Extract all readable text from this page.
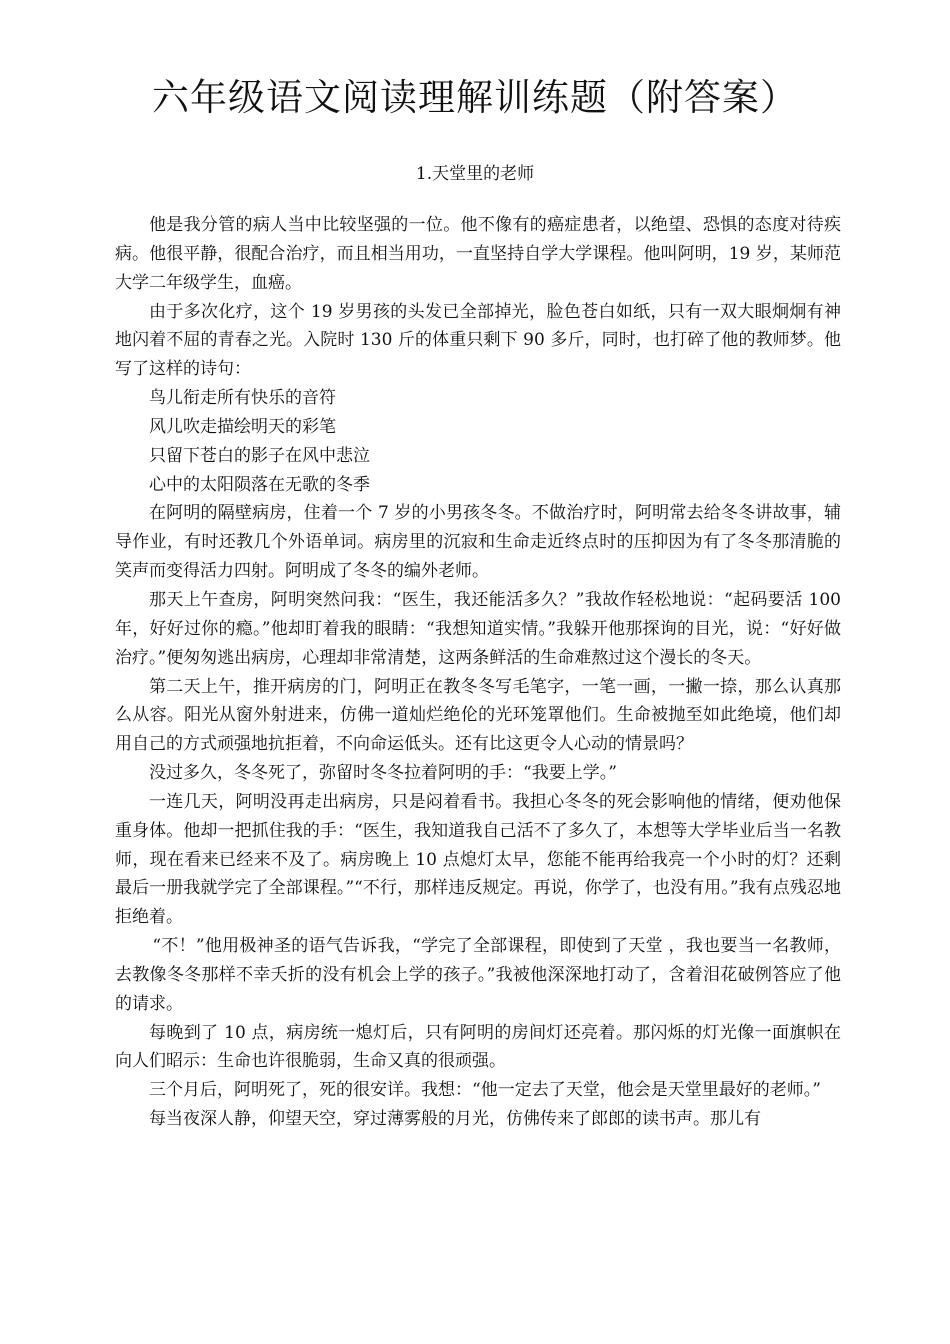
六年级语文阅读理解训练题（附答案）
1.天堂里的老师

他是我分管的病人当中比较坚强的一位。他不像有的癌症患者，以绝望、恐惧的态度对待疾病。他很平静，很配合治疗，而且相当用功，一直坚持自学大学课程。他叫阿明，19 岁，某师范大学二年级学生，血癌。

由于多次化疗，这个 19 岁男孩的头发已全部掉光，脸色苍白如纸，只有一双大眼炯炯有神地闪着不屈的青春之光。入院时 130 斤的体重只剩下 90 多斤，同时，也打碎了他的教师梦。他写了这样的诗句：

鸟儿衔走所有快乐的音符

风儿吹走描绘明天的彩笔

只留下苍白的影子在风中悲泣

心中的太阳陨落在无歌的冬季

在阿明的隔壁病房，住着一个 7 岁的小男孩冬冬。不做治疗时，阿明常去给冬冬讲故事，辅导作业，有时还教几个外语单词。病房里的沉寂和生命走近终点时的压抑因为有了冬冬那清脆的笑声而变得活力四射。阿明成了冬冬的编外老师。

那天上午查房，阿明突然问我：“医生，我还能活多久？”我故作轻松地说：“起码要活 100 年，好好过你的瘾。”他却盯着我的眼睛：“我想知道实情。”我躲开他那探询的目光，说：“好好做治疗。”便匆匆逃出病房，心理却非常清楚，这两条鲜活的生命难熬过这个漫长的冬天。

第二天上午，推开病房的门，阿明正在教冬冬写毛笔字，一笔一画，一撇一捺，那么认真那么从容。阳光从窗外射进来，仿佛一道灿烂绝伦的光环笼罩他们。生命被抛至如此绝境，他们却用自己的方式顽强地抗拒着，不向命运低头。还有比这更令人心动的情景吗？

没过多久，冬冬死了，弥留时冬冬拉着阿明的手：“我要上学。”

一连几天，阿明没再走出病房，只是闷着看书。我担心冬冬的死会影响他的情绪，便劝他保重身体。他却一把抓住我的手：“医生，我知道我自己活不了多久了，本想等大学毕业后当一名教师，现在看来已经来不及了。病房晚上 10 点熄灯太早，您能不能再给我亮一个小时的灯？还剩最后一册我就学完了全部课程。”“不行，那样违反规定。再说，你学了，也没有用。”我有点残忍地拒绝着。

“不！”他用极神圣的语气告诉我，“学完了全部课程，即使到了天堂 ，我也要当一名教师，去教像冬冬那样不幸夭折的没有机会上学的孩子。”我被他深深地打动了，含着泪花破例答应了他的请求。

每晚到了 10 点，病房统一熄灯后，只有阿明的房间灯还亮着。那闪烁的灯光像一面旗帜在向人们昭示：生命也许很脆弱，生命又真的很顽强。

三个月后，阿明死了，死的很安详。我想：“他一定去了天堂，他会是天堂里最好的老师。”

每当夜深人静，仰望天空，穿过薄雾般的月光，仿佛传来了郎郎的读书声。那儿有
